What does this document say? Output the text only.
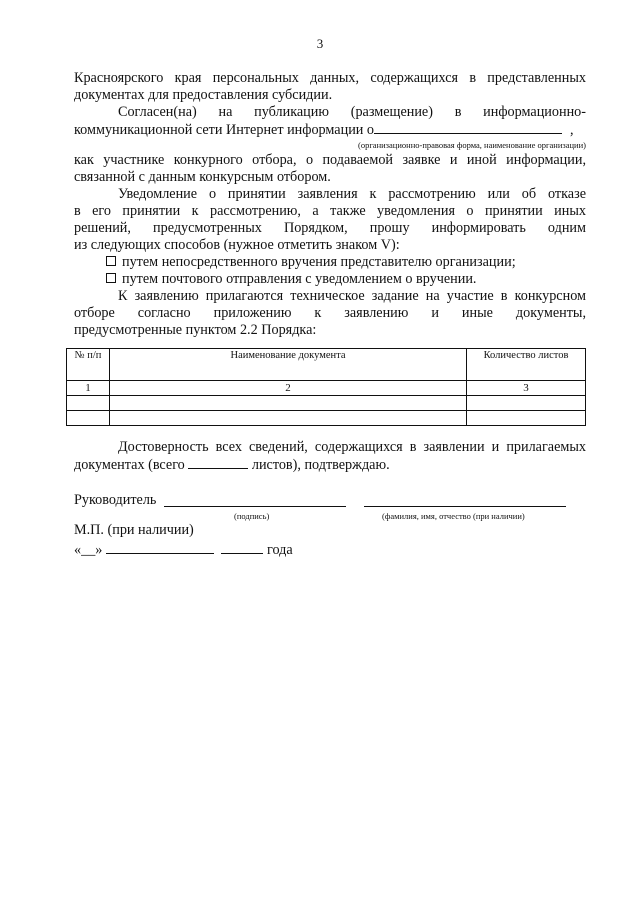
3

Красноярского края персональных данных, содержащихся в представленных

документах для предоставления субсидии.

Согласен(на) на публикацию (размещение) в информационно-

коммуникационной сети Интернет информации о	,

(организационно-правовая форма, наименование организации)

как участнике конкурного отбора, о подаваемой заявке и иной информации,

связанной с данным конкурсным отбором.

Уведомление о принятии заявления к рассмотрению или об отказе

в его принятии к рассмотрению, а также уведомления о принятии иных

решений, предусмотренных Порядком, прошу информировать одним

из следующих способов (нужное отметить знаком V):

путем непосредственного вручения представителю организации;

путем почтового отправления с уведомлением о вручении.

К заявлению прилагаются техническое задание на участие в конкурсном

отборе согласно приложению к заявлению и иные документы,

предусмотренные пунктом 2.2 Порядка:

№ п/п	Наименование документа	Количество листов
1	2	3

Достоверность всех сведений, содержащихся в заявлении и прилагаемых

документах (всего	листов), подтверждаю.

Руководитель
(подпись)	(фамилия, имя, отчество (при наличии)
М.П. (при наличии)
«__»	года
